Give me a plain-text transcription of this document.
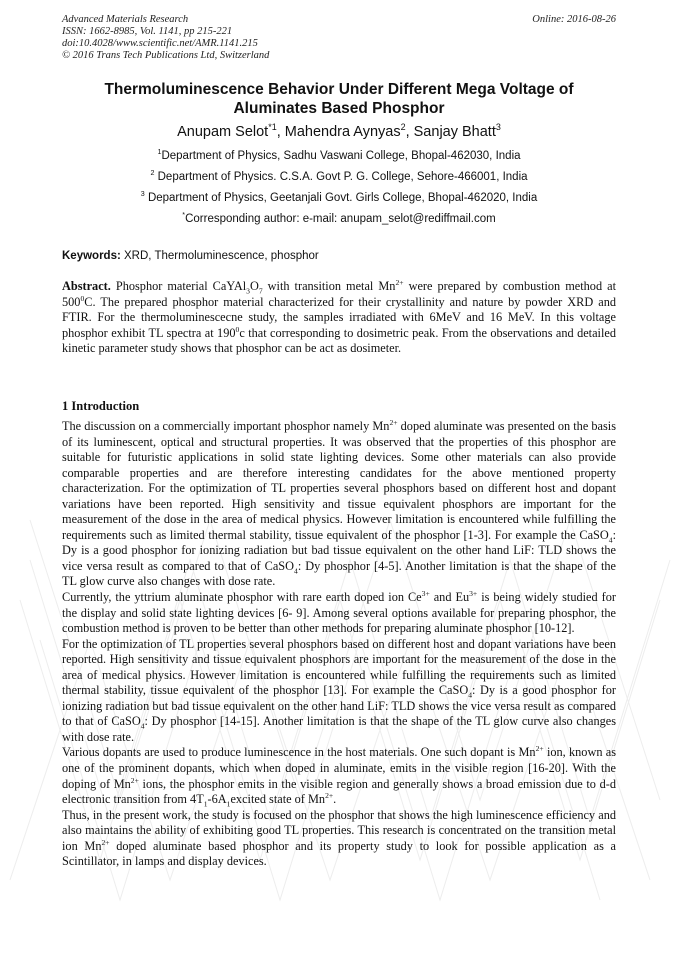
Advanced Materials Research
ISSN: 1662-8985, Vol. 1141, pp 215-221
doi:10.4028/www.scientific.net/AMR.1141.215
© 2016 Trans Tech Publications Ltd, Switzerland
Online: 2016-08-26
Thermoluminescence Behavior Under Different Mega Voltage of Aluminates Based Phosphor
Anupam Selot$^{*1}$, Mahendra Aynyas$^2$, Sanjay Bhatt$^3$
$^1$Department of Physics, Sadhu Vaswani College, Bhopal-462030, India
$^2$ Department of Physics. C.S.A. Govt P. G. College, Sehore-466001, India
$^3$ Department of Physics, Geetanjali Govt. Girls College, Bhopal-462020, India
*Corresponding author: e-mail: anupam_selot@rediffmail.com
Keywords: XRD, Thermoluminescence, phosphor
Abstract. Phosphor material $CaYAl_3O_7$ with transition metal $Mn^{2+}$ were prepared by combustion method at $500^0C$. The prepared phosphor material characterized for their crystallinity and nature by powder XRD and FTIR. For the thermoluminescecne study, the samples irradiated with 6MeV and 16 MeV. In this voltage phosphor exhibit TL spectra at $190^0c$ that corresponding to dosimetric peak. From the observations and detailed kinetic parameter study shows that phosphor can be act as dosimeter.
1 Introduction

The discussion on a commercially important phosphor namely $Mn^{2+}$ doped aluminate was presented on the basis of its luminescent, optical and structural properties. It was observed that the properties of this phosphor are suitable for futuristic applications in solid state lighting devices. Some other materials can also provide comparable properties and are therefore interesting candidates for the above mentioned property characterization. For the optimization of TL properties several phosphors based on different host and dopant variations have been reported. High sensitivity and tissue equivalent phosphors are important for the measurement of the dose in the area of medical physics. However limitation is encountered while fulfilling the requirements such as limited thermal stability, tissue equivalent of the phosphor [1-3]. For example the CaSO$_4$: Dy is a good phosphor for ionizing radiation but bad tissue equivalent on the other hand LiF: TLD shows the vice versa result as compared to that of CaSO$_4$: Dy phosphor [4-5]. Another limitation is that the shape of the TL glow curve also changes with dose rate.

Currently, the yttrium aluminate phosphor with rare earth doped ion $Ce^{3+}$ and $Eu^{3+}$ is being widely studied for the display and solid state lighting devices [6- 9]. Among several options available for preparing phosphor, the combustion method is proven to be better than other methods for preparing aluminate phosphor [10-12].

For the optimization of TL properties several phosphors based on different host and dopant variations have been reported. High sensitivity and tissue equivalent phosphors are important for the measurement of the dose in the area of medical physics. However limitation is encountered while fulfilling the requirements such as limited thermal stability, tissue equivalent of the phosphor [13]. For example the CaSO$_4$: Dy is a good phosphor for ionizing radiation but bad tissue equivalent on the other hand LiF: TLD shows the vice versa result as compared to that of CaSO$_4$: Dy phosphor [14-15]. Another limitation is that the shape of the TL glow curve also changes with dose rate.

Various dopants are used to produce luminescence in the host materials. One such dopant is $Mn^{2+}$ ion, known as one of the prominent dopants, which when doped in aluminate, emits in the visible region [16-20]. With the doping of $Mn^{2+}$ ions, the phosphor emits in the visible region and generally shows a broad emission due to d-d electronic transition from $4T_1-6A_1excited$ state of $Mn^{2+}$.

Thus, in the present work, the study is focused on the phosphor that shows the high luminescence efficiency and also maintains the ability of exhibiting good TL properties. This research is concentrated on the transition metal ion $Mn^{2+}$ doped aluminate based phosphor and its property study to look for possible application as a Scintillator, in lamps and display devices.
